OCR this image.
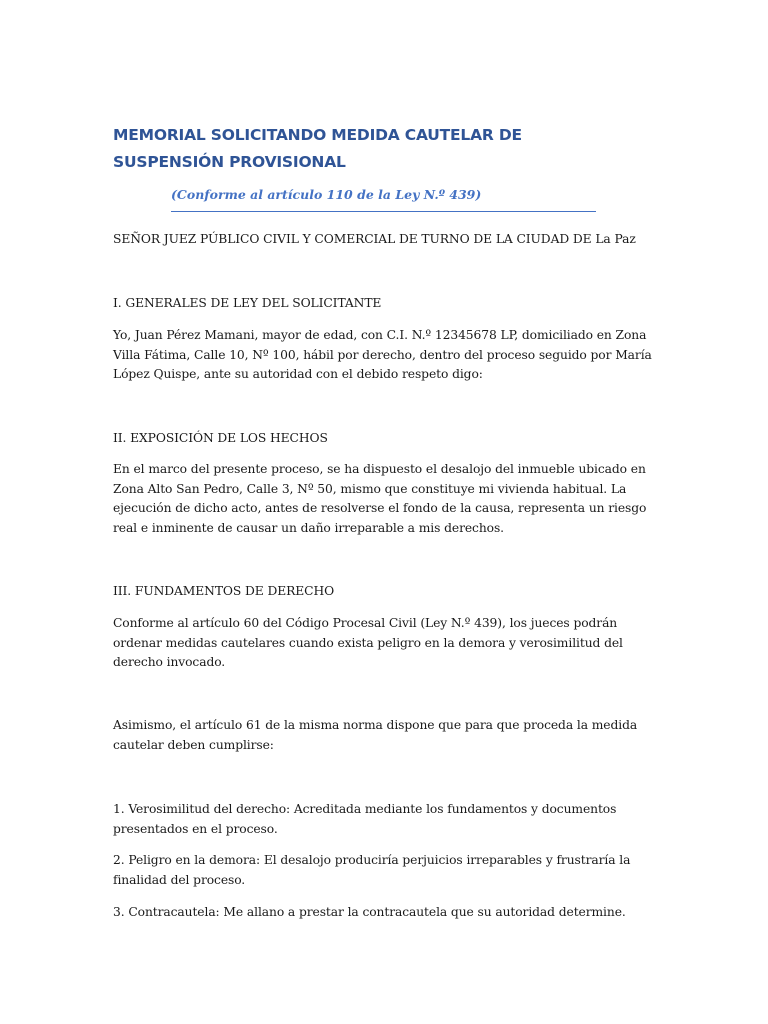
MEMORIAL SOLICITANDO MEDIDA CAUTELAR DE SUSPENSIÓN PROVISIONAL
(Conforme al artículo 110 de la Ley N.º 439)

SEÑOR JUEZ PÚBLICO CIVIL Y COMERCIAL DE TURNO DE LA CIUDAD DE La Paz

I. GENERALES DE LEY DEL SOLICITANTE

Yo, Juan Pérez Mamani, mayor de edad, con C.I. N.º 12345678 LP, domiciliado en Zona Villa Fátima, Calle 10, Nº 100, hábil por derecho, dentro del proceso seguido por María López Quispe, ante su autoridad con el debido respeto digo:

II. EXPOSICIÓN DE LOS HECHOS

En el marco del presente proceso, se ha dispuesto el desalojo del inmueble ubicado en Zona Alto San Pedro, Calle 3, Nº 50, mismo que constituye mi vivienda habitual. La ejecución de dicho acto, antes de resolverse el fondo de la causa, representa un riesgo real e inminente de causar un daño irreparable a mis derechos.

III. FUNDAMENTOS DE DERECHO

Conforme al artículo 60 del Código Procesal Civil (Ley N.º 439), los jueces podrán ordenar medidas cautelares cuando exista peligro en la demora y verosimilitud del derecho invocado.

Asimismo, el artículo 61 de la misma norma dispone que para que proceda la medida cautelar deben cumplirse:

1. Verosimilitud del derecho: Acreditada mediante los fundamentos y documentos presentados en el proceso.

2. Peligro en la demora: El desalojo produciría perjuicios irreparables y frustraría la finalidad del proceso.

3. Contracautela: Me allano a prestar la contracautela que su autoridad determine.
